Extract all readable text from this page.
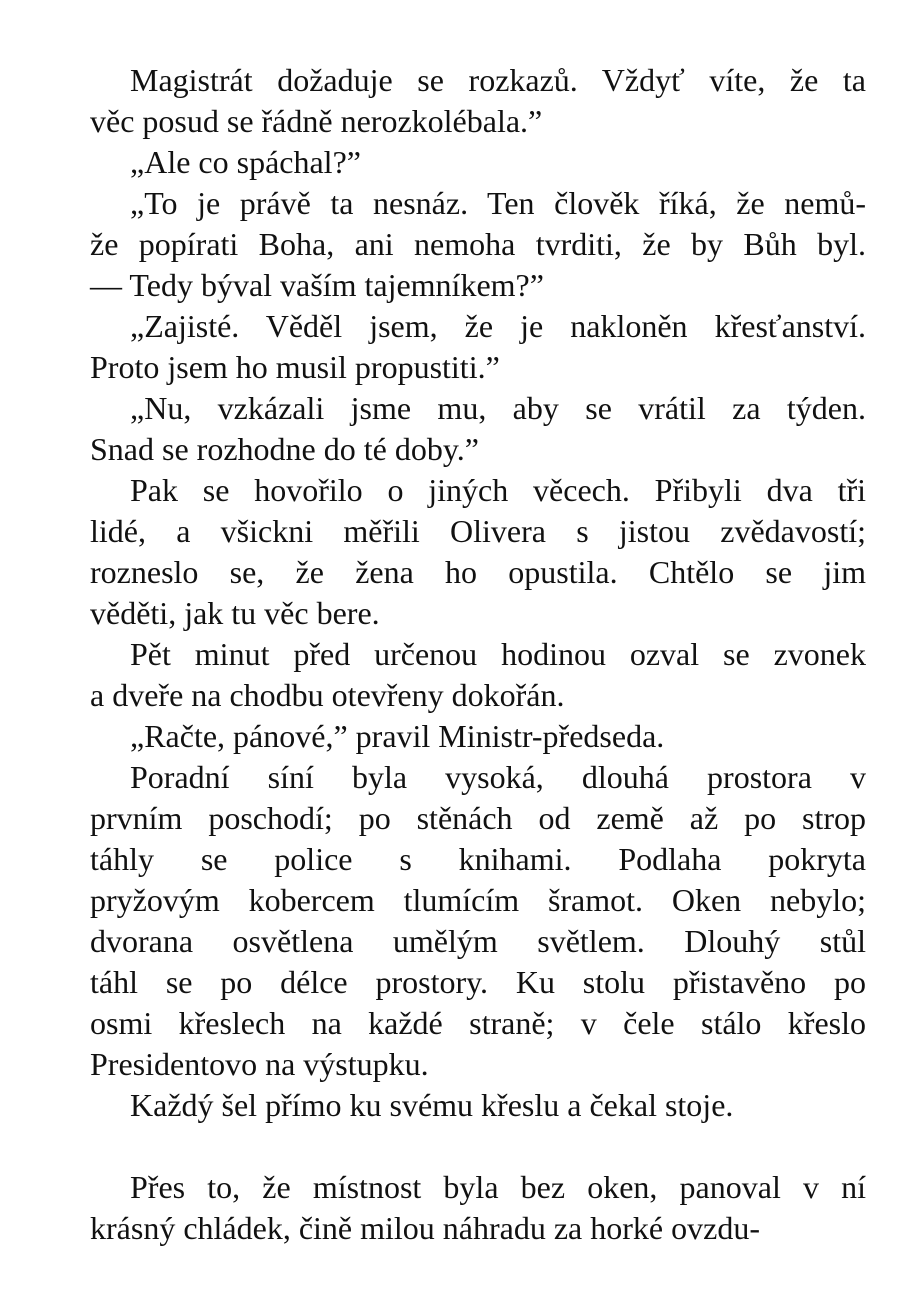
Magistrát dožaduje se rozkazů. Vždyť víte, že ta
věc posud se řádně nerozkolébala.”
„Ale co spáchal?”
„To je právě ta nesnáz. Ten člověk říká, že nemů-
že popírati Boha, ani nemoha tvrditi, že by Bůh byl.
— Tedy býval vaším tajemníkem?”
„Zajisté. Věděl jsem, že je nakloněn křesťanství.
Proto jsem ho musil propustiti.”
„Nu, vzkázali jsme mu, aby se vrátil za týden.
Snad se rozhodne do té doby.”
Pak se hovořilo o jiných věcech. Přibyli dva tři
lidé, a všickni měřili Olivera s jistou zvědavostí;
rozneslo se, že žena ho opustila. Chtělo se jim
věděti, jak tu věc bere.
Pět minut před určenou hodinou ozval se zvonek
a dveře na chodbu otevřeny dokořán.
„Račte, pánové,” pravil Ministr-předseda.
Poradní síní byla vysoká, dlouhá prostora v
prvním poschodí; po stěnách od země až po strop
táhly se police s knihami. Podlaha pokryta
pryžovým kobercem tlumícím šramot. Oken nebylo;
dvorana osvětlena umělým světlem. Dlouhý stůl
táhl se po délce prostory. Ku stolu přistavěno po
osmi křeslech na každé straně; v čele stálo křeslo
Presidentovo na výstupku.
Každý šel přímo ku svému křeslu a čekal stoje.
Přes to, že místnost byla bez oken, panoval v ní
krásný chládek, čině milou náhradu za horké ovzdu-
